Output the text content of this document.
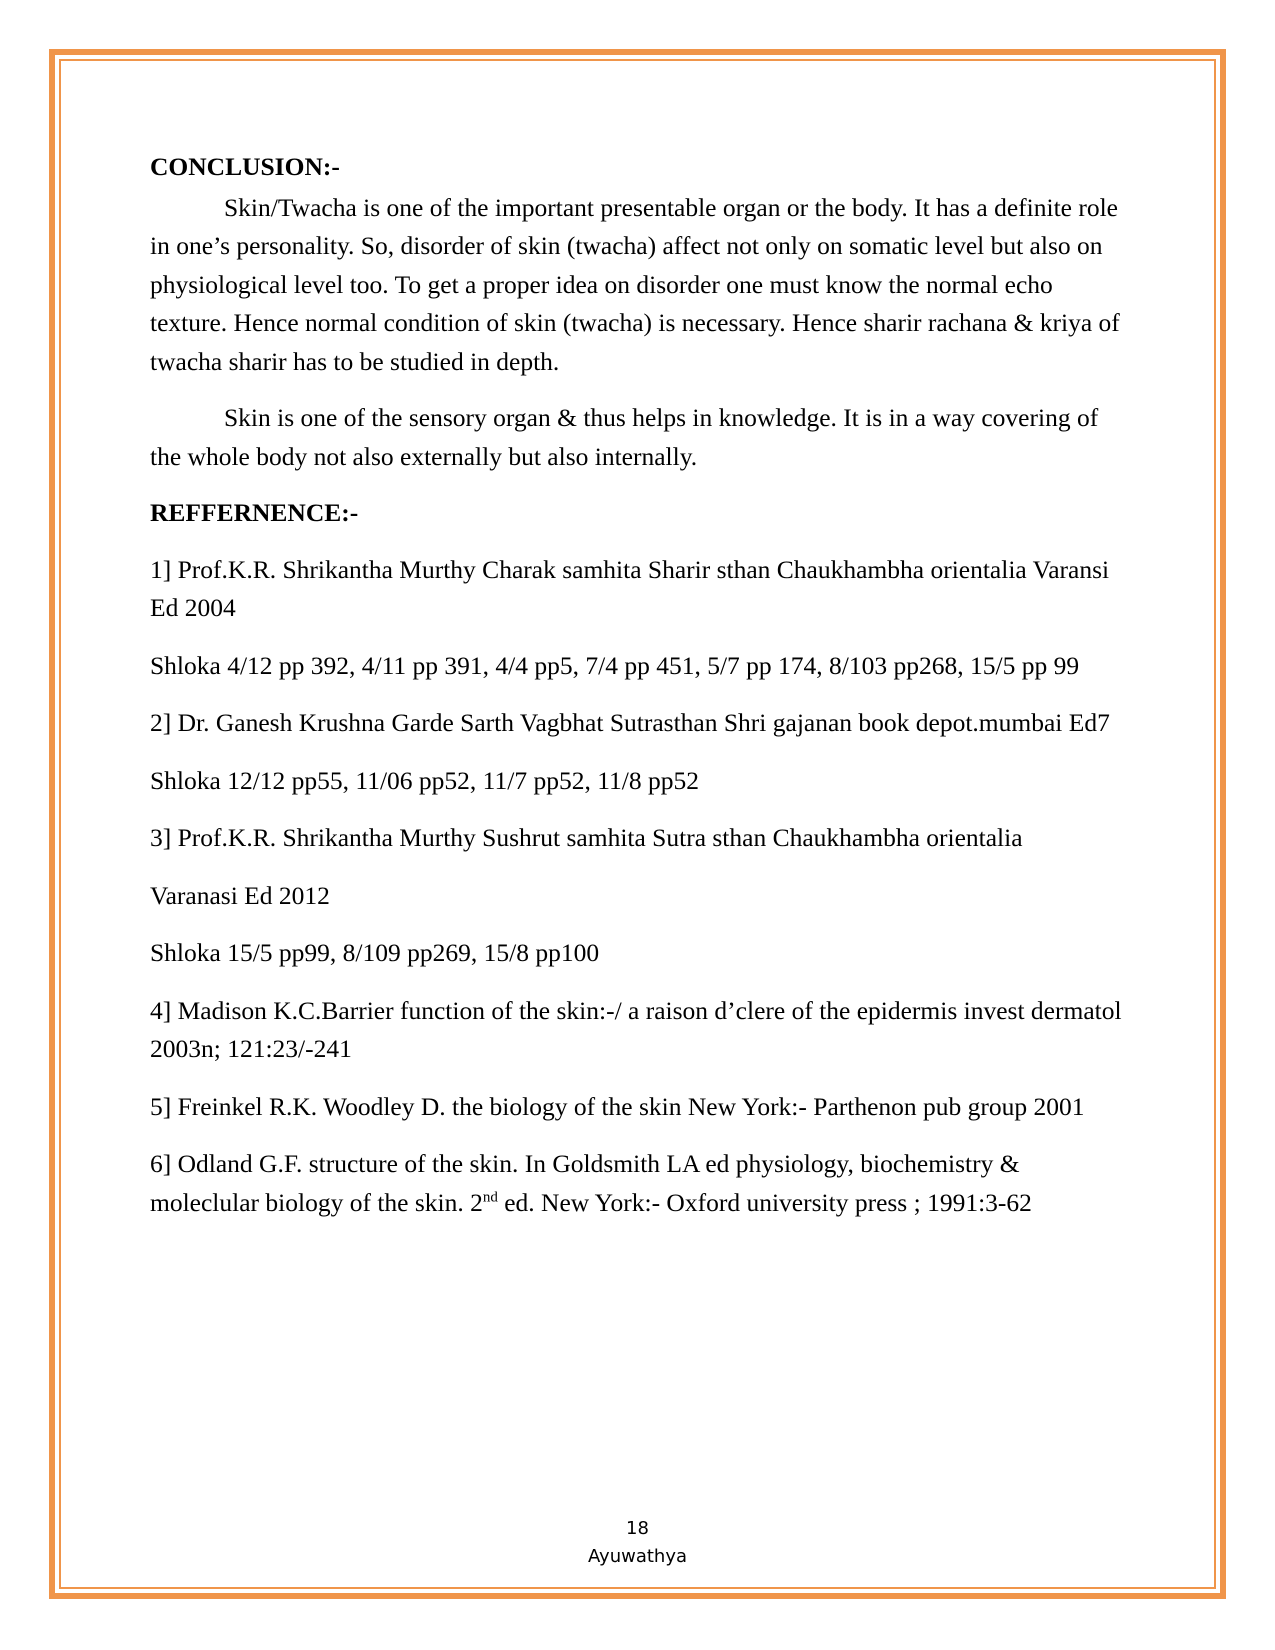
CONCLUSION:-

Skin/Twacha is one of the important presentable organ or the body. It has a definite role in one’s personality. So, disorder of skin (twacha) affect not only on somatic level but also on physiological level too. To get a proper idea on disorder one must know the normal echo texture. Hence normal condition of skin (twacha) is necessary. Hence sharir rachana & kriya of twacha sharir has to be studied in depth.

Skin is one of the sensory organ & thus helps in knowledge. It is in a way covering of the whole body not also externally but also internally.

REFFERNENCE:-

1] Prof.K.R. Shrikantha Murthy Charak samhita Sharir sthan Chaukhambha orientalia Varansi Ed 2004

Shloka 4/12 pp 392, 4/11 pp 391, 4/4 pp5, 7/4 pp 451, 5/7 pp 174, 8/103 pp268, 15/5 pp 99

2] Dr. Ganesh Krushna Garde Sarth Vagbhat Sutrasthan Shri gajanan book depot.mumbai Ed7

Shloka 12/12 pp55, 11/06 pp52, 11/7 pp52, 11/8 pp52

3] Prof.K.R. Shrikantha Murthy Sushrut samhita Sutra sthan Chaukhambha orientalia

Varanasi Ed 2012

Shloka 15/5 pp99, 8/109 pp269, 15/8 pp100

4] Madison K.C.Barrier function of the skin:-/ a raison d’clere of the epidermis invest dermatol 2003n; 121:23/-241

5] Freinkel R.K. Woodley D. the biology of the skin New York:- Parthenon pub group 2001

6] Odland G.F. structure of the skin. In Goldsmith LA ed physiology, biochemistry & moleclular biology of the skin. 2nd ed. New York:- Oxford university press ; 1991:3-62

18
Ayuwathya
